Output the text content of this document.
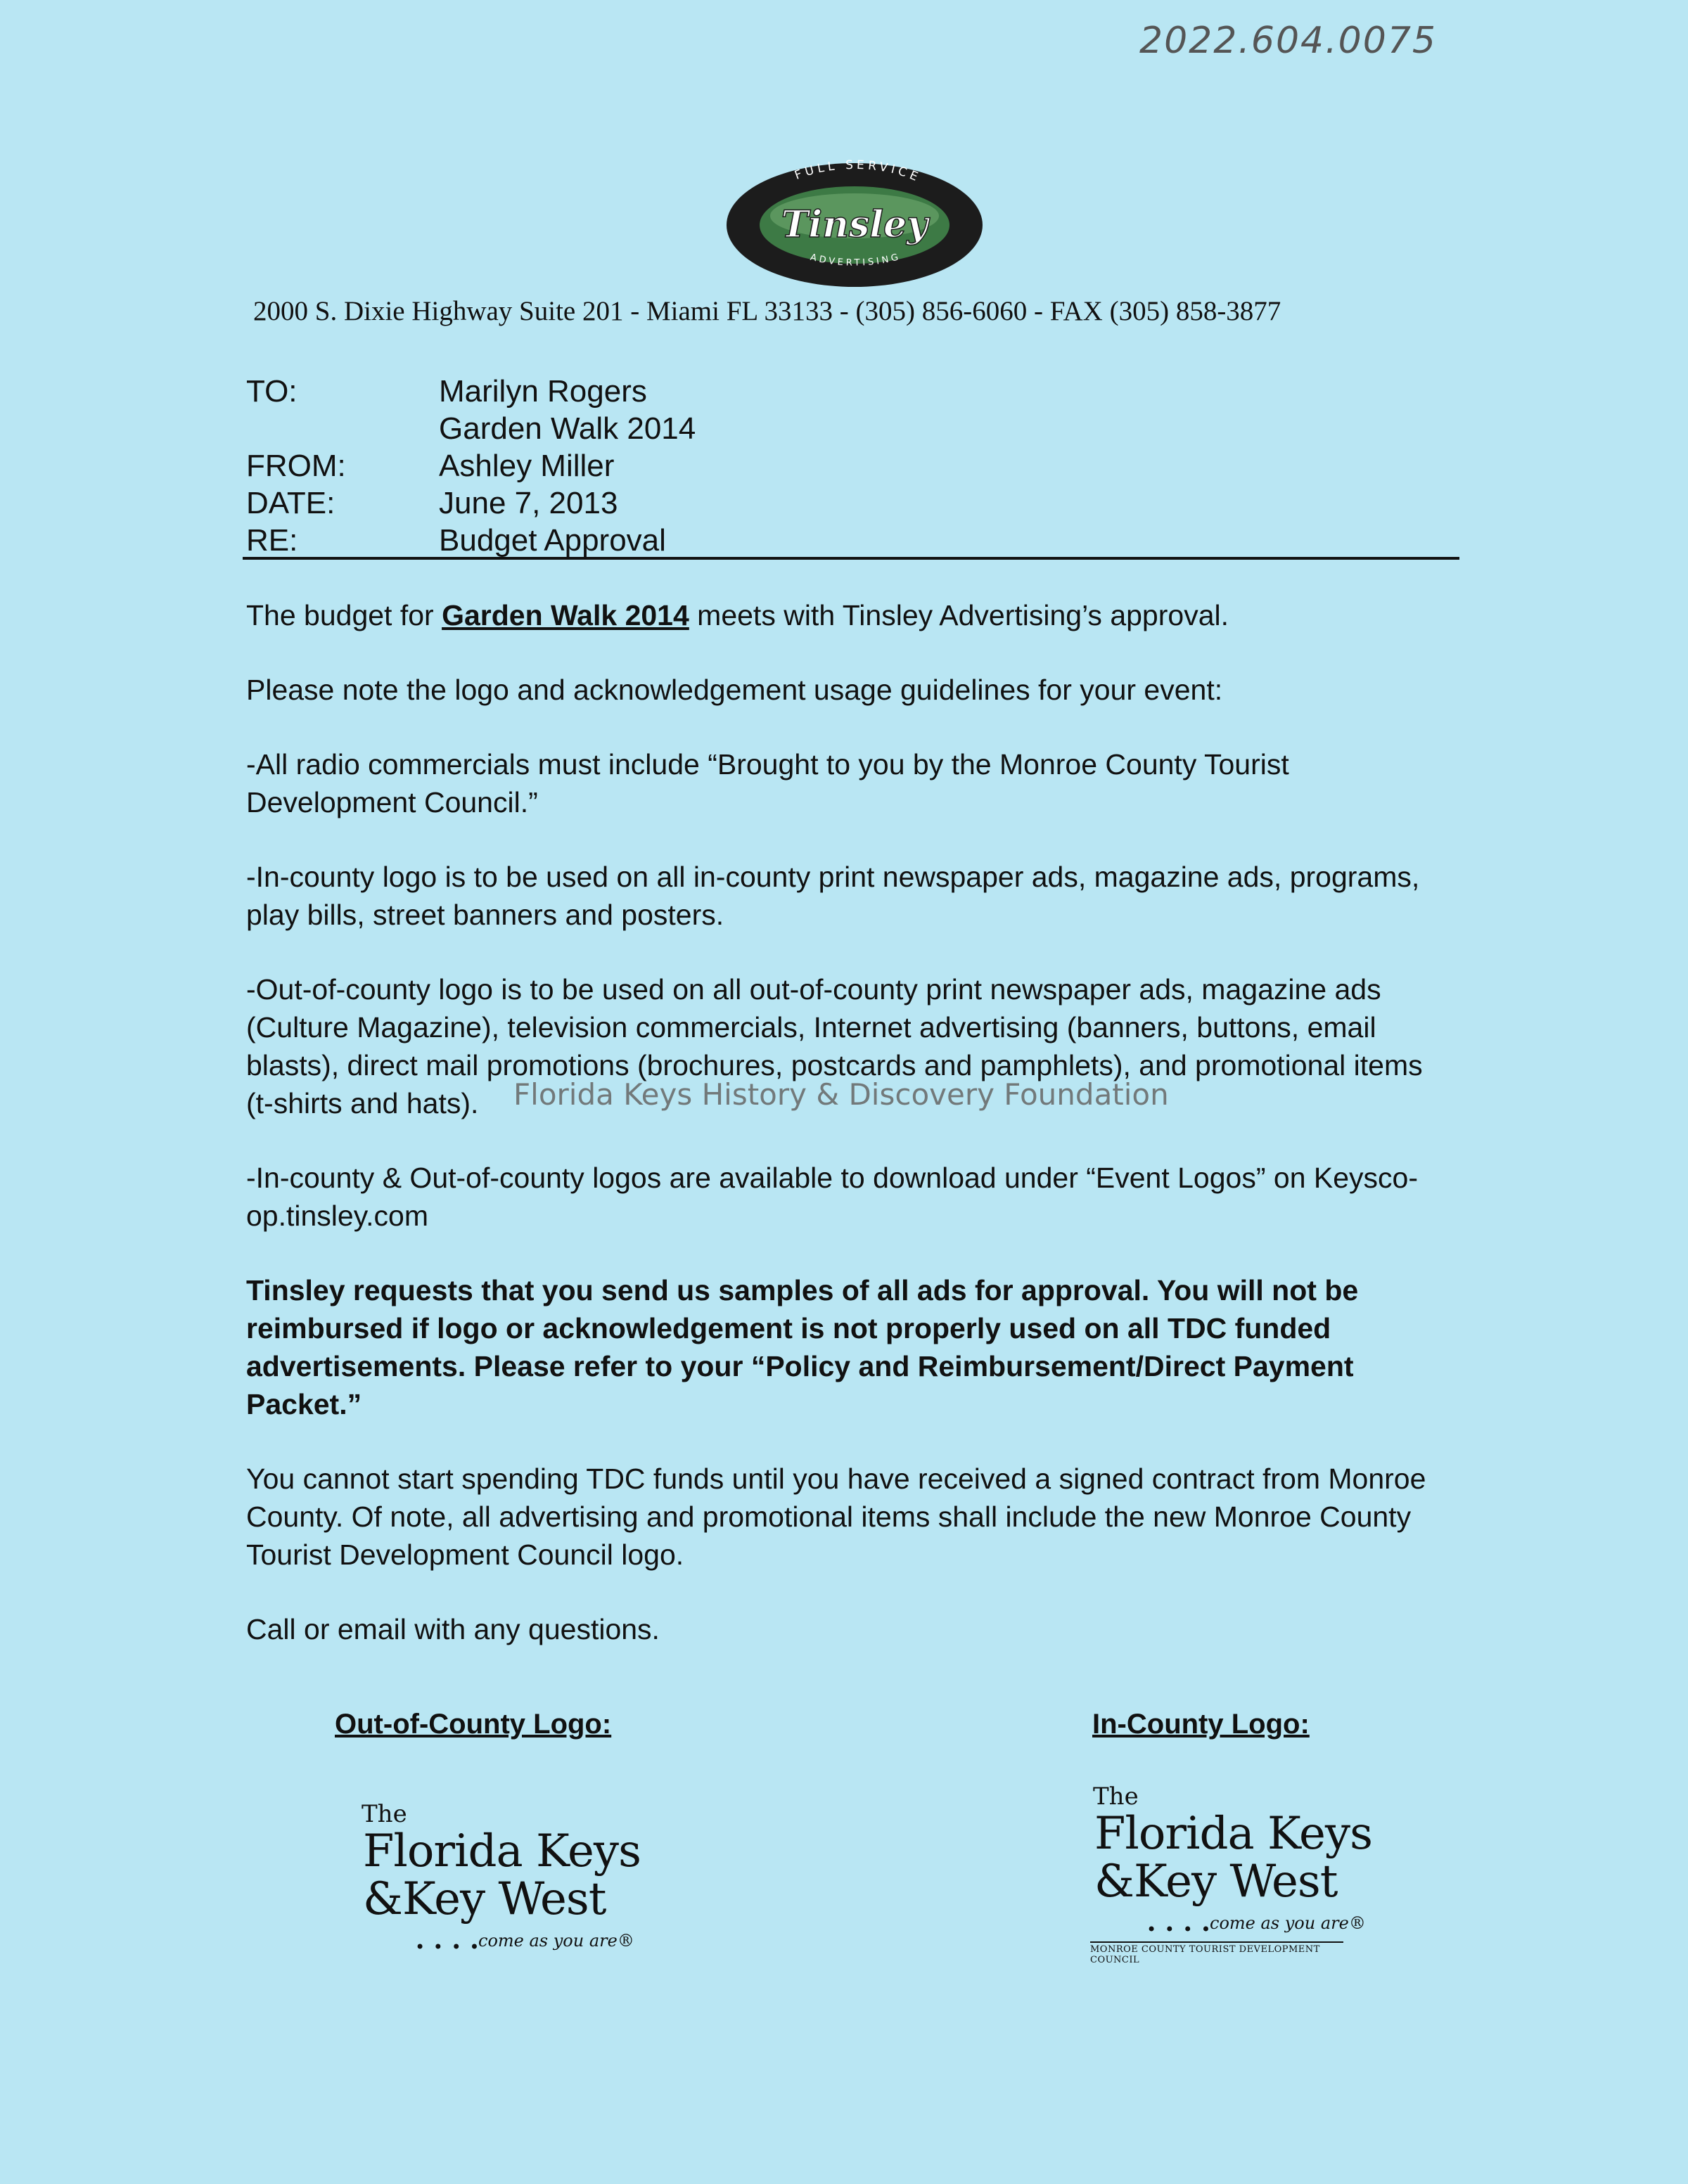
2022.604.0075
FULL SERVICE
ADVERTISING
Tinsley
2000 S. Dixie Highway Suite 201 - Miami FL 33133 - (305) 856-6060 - FAX (305) 858-3877
TO:	Marilyn Rogers
Garden Walk 2014
FROM:	Ashley Miller
DATE:	June 7, 2013
RE:	Budget Approval

The budget for Garden Walk 2014 meets with Tinsley Advertising’s approval.

Please note the logo and acknowledgement usage guidelines for your event:

-All radio commercials must include “Brought to you by the Monroe County Tourist Development Council.”

-In-county logo is to be used on all in-county print newspaper ads, magazine ads, programs, play bills, street banners and posters.

-Out-of-county logo is to be used on all out-of-county print newspaper ads, magazine ads (Culture Magazine), television commercials, Internet advertising (banners, buttons, email blasts), direct mail promotions (brochures, postcards and pamphlets), and promotional items (t-shirts and hats).

-In-county & Out-of-county logos are available to download under “Event Logos” on Keysco-op.tinsley.com

Tinsley requests that you send us samples of all ads for approval. You will not be reimbursed if logo or acknowledgement is not properly used on all TDC funded advertisements. Please refer to your “Policy and Reimbursement/Direct Payment Packet.”

You cannot start spending TDC funds until you have received a signed contract from Monroe County. Of note, all advertising and promotional items shall include the new Monroe County Tourist Development Council logo.

Call or email with any questions.

Florida Keys History & Discovery Foundation
Out-of-County Logo:	In-County Logo:
The
Florida Keys
&Key West
• • • •
come as you are®
The
Florida Keys
&Key West
• • • •
come as you are®
MONROE COUNTY TOURIST DEVELOPMENT COUNCIL
